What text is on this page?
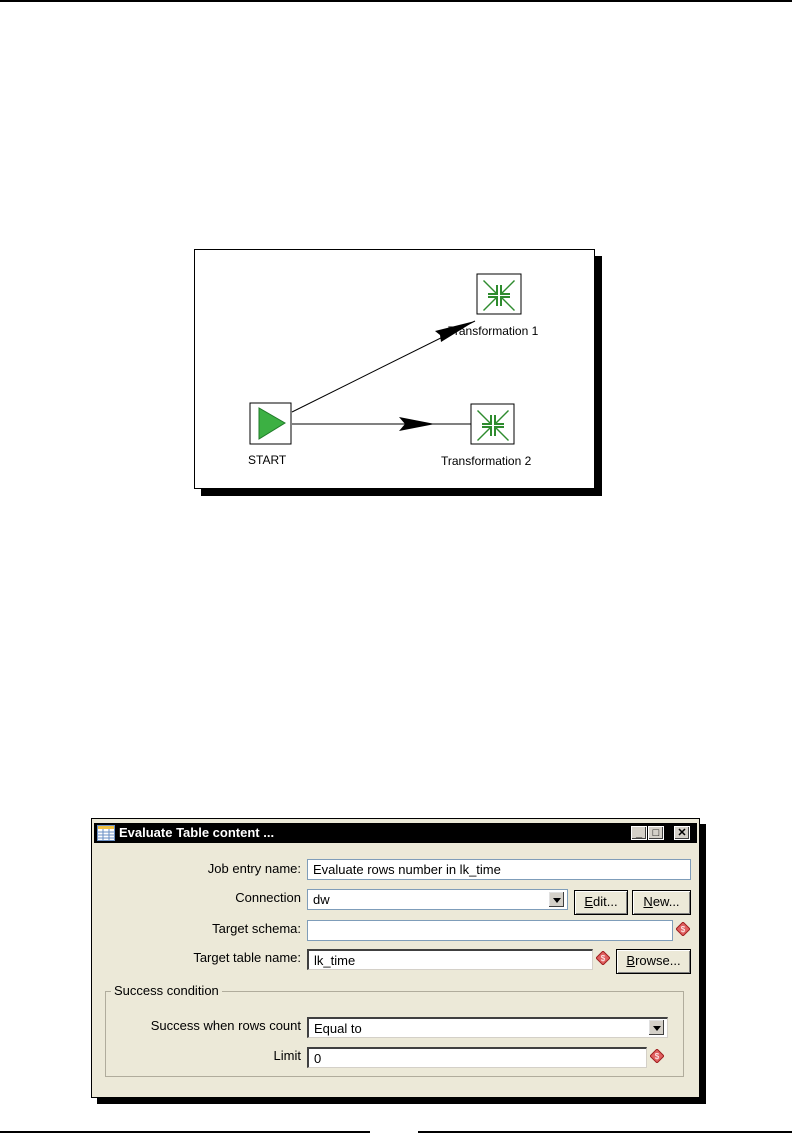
START
Transformation 1
Transformation 2
Evaluate Table content ...	_ □	✕
Job entry name: Evaluate rows number in lk_time
Connection dw	Edit...	New...
Target schema:	$
Target table name:	lk_time	$	Browse...
Success condition
Success when rows count	Equal to
Limit	0	$
